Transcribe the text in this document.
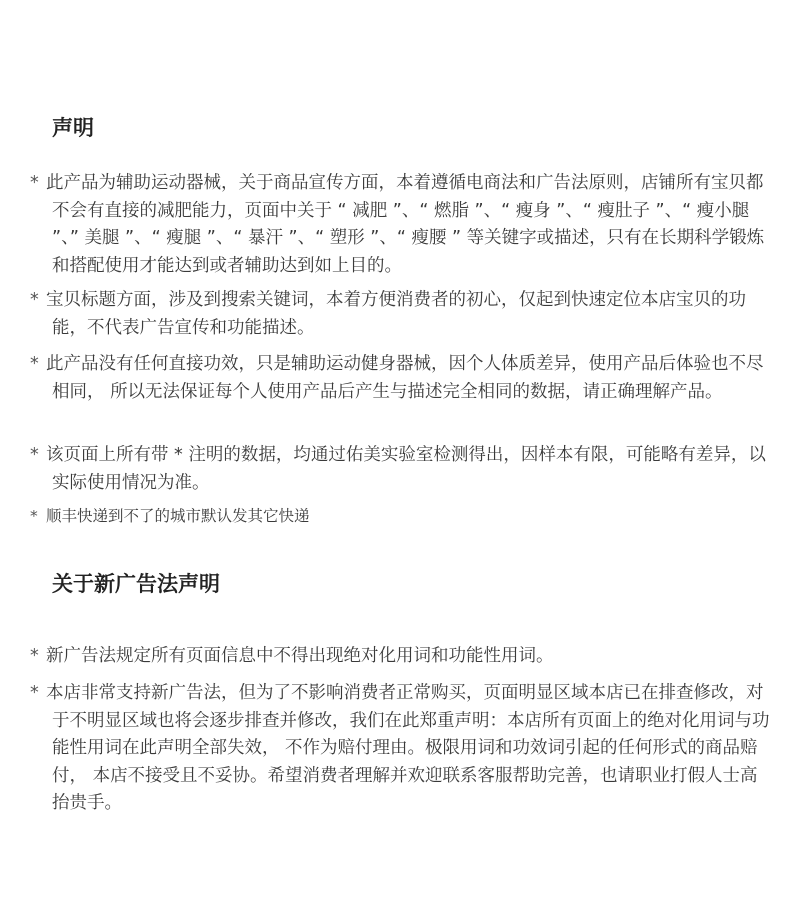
声明

* 此产品为辅助运动器械，关于商品宣传方面，本着遵循电商法和广告法原则，店铺所有宝贝都不会有直接的减肥能力，页面中关于 “ 减肥 ”、“ 燃脂 ”、“ 瘦身 ”、“ 瘦肚子 ”、“ 瘦小腿 ”、” 美腿 ”、“ 瘦腿 ”、“ 暴汗 ”、“ 塑形 ”、“ 瘦腰 ” 等关键字或描述，只有在长期科学锻炼和搭配使用才能达到或者辅助达到如上目的。

* 宝贝标题方面，涉及到搜索关键词，本着方便消费者的初心，仅起到快速定位本店宝贝的功能，不代表广告宣传和功能描述。

* 此产品没有任何直接功效，只是辅助运动健身器械，因个人体质差异，使用产品后体验也不尽相同， 所以无法保证每个人使用产品后产生与描述完全相同的数据，请正确理解产品。

* 该页面上所有带 * 注明的数据，均通过佑美实验室检测得出，因样本有限，可能略有差异，以实际使用情况为准。

* 顺丰快递到不了的城市默认发其它快递

关于新广告法声明

* 新广告法规定所有页面信息中不得出现绝对化用词和功能性用词。

* 本店非常支持新广告法，但为了不影响消费者正常购买，页面明显区域本店已在排查修改，对于不明显区域也将会逐步排查并修改，我们在此郑重声明：本店所有页面上的绝对化用词与功能性用词在此声明全部失效， 不作为赔付理由。极限用词和功效词引起的任何形式的商品赔付， 本店不接受且不妥协。希望消费者理解并欢迎联系客服帮助完善，也请职业打假人士高抬贵手。
